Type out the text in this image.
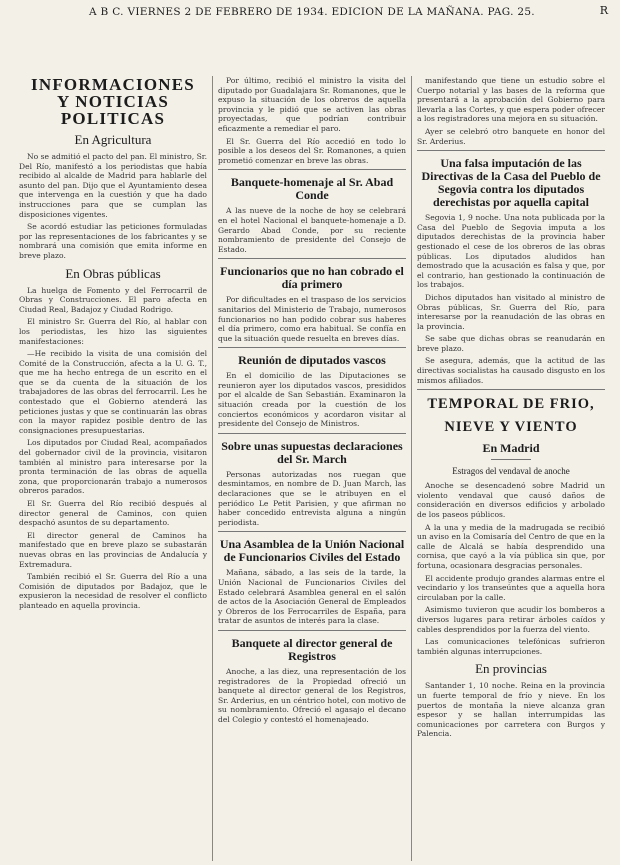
A B C. VIERNES 2 DE FEBRERO DE 1934. EDICION DE LA MAÑANA. PAG. 25.	R
INFORMACIONES
Y NOTICIAS POLITICAS
En Agricultura

No se admitió el pacto del pan. El ministro, Sr. Del Río, manifestó a los periodistas que había recibido al alcalde de Madrid para hablarle del asunto del pan. Dijo que el Ayuntamiento desea que intervenga en la cuestión y que ha dado instrucciones para que se cumplan las disposiciones vigentes.

Se acordó estudiar las peticiones formuladas por las representaciones de los fabricantes y se nombrará una comisión que emita informe en breve plazo.

En Obras públicas

La huelga de Fomento y del Ferrocarril de Obras y Construcciones. El paro afecta en Ciudad Real, Badajoz y Ciudad Rodrigo.

El ministro Sr. Guerra del Río, al hablar con los periodistas, les hizo las siguientes manifestaciones:

—He recibido la visita de una comisión del Comité de la Construcción, afecta a la U. G. T., que me ha hecho entrega de un escrito en el que se da cuenta de la situación de los trabajadores de las obras del ferrocarril. Les he contestado que el Gobierno atenderá las peticiones justas y que se continuarán las obras con la mayor rapidez posible dentro de las consignaciones presupuestarias.

Los diputados por Ciudad Real, acompañados del gobernador civil de la provincia, visitaron también al ministro para interesarse por la pronta terminación de las obras de aquella zona, que proporcionarán trabajo a numerosos obreros parados.

El Sr. Guerra del Río recibió después al director general de Caminos, con quien despachó asuntos de su departamento.

El director general de Caminos ha manifestado que en breve plazo se subastarán nuevas obras en las provincias de Andalucía y Extremadura.

También recibió el Sr. Guerra del Río a una Comisión de diputados por Badajoz, que le expusieron la necesidad de resolver el conflicto planteado en aquella provincia.

Por último, recibió el ministro la visita del diputado por Guadalajara Sr. Romanones, que le expuso la situación de los obreros de aquella provincia y le pidió que se activen las obras proyectadas, que podrían contribuir eficazmente a remediar el paro.

El Sr. Guerra del Río accedió en todo lo posible a los deseos del Sr. Romanones, a quien prometió comenzar en breve las obras.

Banquete-homenaje al Sr. Abad Conde

A las nueve de la noche de hoy se celebrará en el hotel Nacional el banquete-homenaje a D. Gerardo Abad Conde, por su reciente nombramiento de presidente del Consejo de Estado.

Funcionarios que no han cobrado el día primero

Por dificultades en el traspaso de los servicios sanitarios del Ministerio de Trabajo, numerosos funcionarios no han podido cobrar sus haberes el día primero, como era habitual. Se confía en que la situación quede resuelta en breves días.

Reunión de diputados vascos

En el domicilio de las Diputaciones se reunieron ayer los diputados vascos, presididos por el alcalde de San Sebastián. Examinaron la situación creada por la cuestión de los conciertos económicos y acordaron visitar al presidente del Consejo de Ministros.

Sobre unas supuestas declaraciones del Sr. March

Personas autorizadas nos ruegan que desmintamos, en nombre de D. Juan March, las declaraciones que se le atribuyen en el periódico Le Petit Parisien, y que afirman no haber concedido entrevista alguna a ningún periodista.

Una Asamblea de la Unión Nacional de Funcionarios Civiles del Estado

Mañana, sábado, a las seis de la tarde, la Unión Nacional de Funcionarios Civiles del Estado celebrará Asamblea general en el salón de actos de la Asociación General de Empleados y Obreros de los Ferrocarriles de España, para tratar de asuntos de interés para la clase.

Banquete al director general de Registros

Anoche, a las diez, una representación de los registradores de la Propiedad ofreció un banquete al director general de los Registros, Sr. Arderius, en un céntrico hotel, con motivo de su nombramiento. Ofreció el agasajo el decano del Colegio y contestó el homenajeado.

manifestando que tiene un estudio sobre el Cuerpo notarial y las bases de la reforma que presentará a la aprobación del Gobierno para llevarla a las Cortes, y que espera poder ofrecer a los registradores una mejora en su situación.

Ayer se celebró otro banquete en honor del Sr. Arderius.

Una falsa imputación de las Directivas de la Casa del Pueblo de Segovia contra los diputados derechistas por aquella capital

Segovia 1, 9 noche. Una nota publicada por la Casa del Pueblo de Segovia imputa a los diputados derechistas de la provincia haber gestionado el cese de los obreros de las obras públicas. Los diputados aludidos han demostrado que la acusación es falsa y que, por el contrario, han gestionado la continuación de los trabajos.

Dichos diputados han visitado al ministro de Obras públicas, Sr. Guerra del Río, para interesarse por la reanudación de las obras en la provincia.

Se sabe que dichas obras se reanudarán en breve plazo.

Se asegura, además, que la actitud de las directivas socialistas ha causado disgusto en los mismos afiliados.

TEMPORAL DE FRIO,
NIEVE Y VIENTO
En Madrid
Estragos del vendaval de anoche

Anoche se desencadenó sobre Madrid un violento vendaval que causó daños de consideración en diversos edificios y arbolado de los paseos públicos.

A la una y media de la madrugada se recibió un aviso en la Comisaría del Centro de que en la calle de Alcalá se había desprendido una cornisa, que cayó a la vía pública sin que, por fortuna, ocasionara desgracias personales.

El accidente produjo grandes alarmas entre el vecindario y los transeúntes que a aquella hora circulaban por la calle.

Asimismo tuvieron que acudir los bomberos a diversos lugares para retirar árboles caídos y cables desprendidos por la fuerza del viento.

Las comunicaciones telefónicas sufrieron también algunas interrupciones.

En provincias

Santander 1, 10 noche. Reina en la provincia un fuerte temporal de frío y nieve. En los puertos de montaña la nieve alcanza gran espesor y se hallan interrumpidas las comunicaciones por carretera con Burgos y Palencia.
